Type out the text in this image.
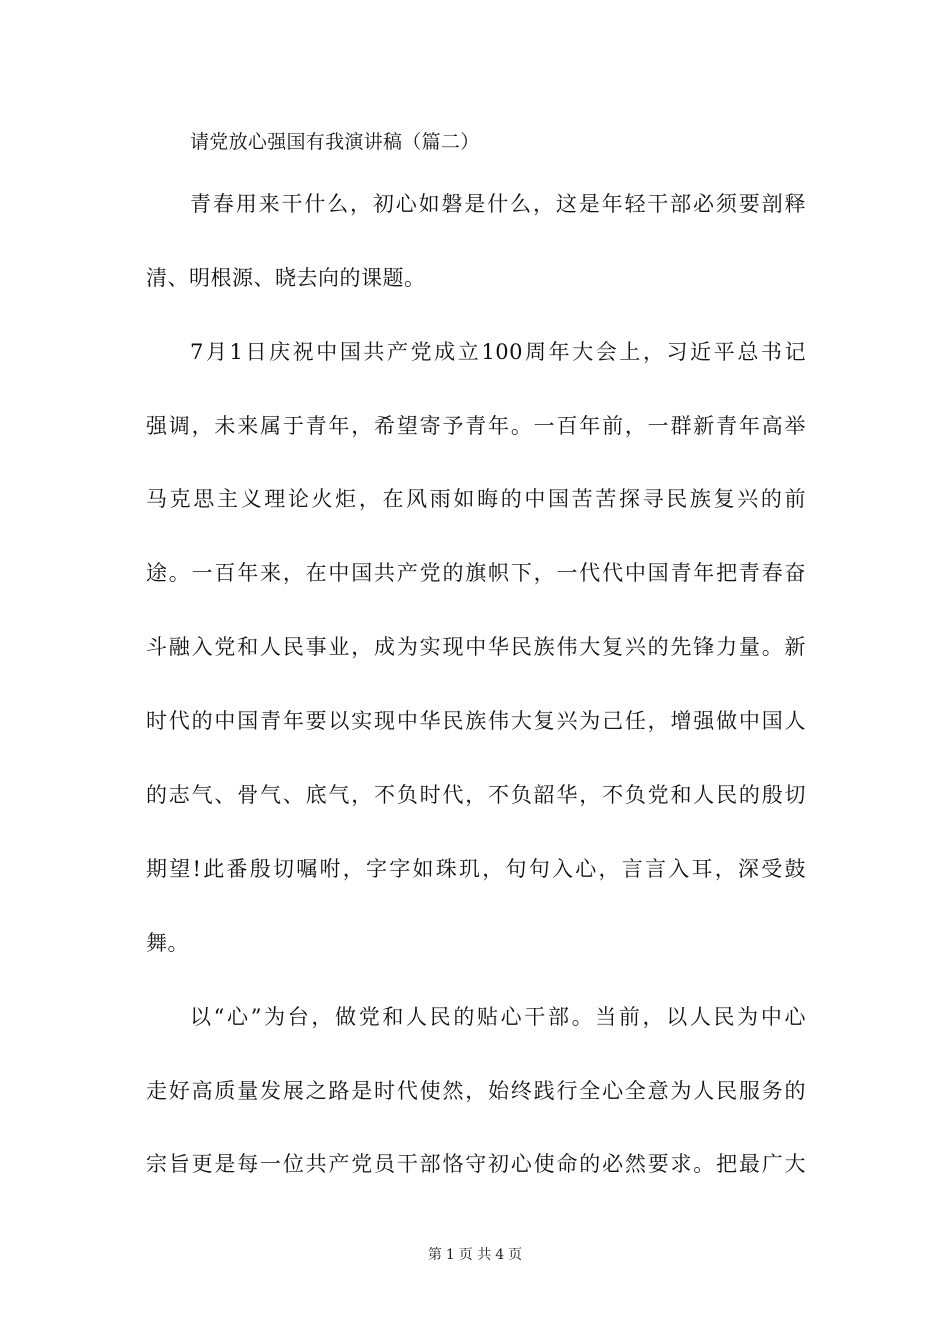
请党放心强国有我演讲稿（篇二）
青春用来干什么，初心如磐是什么，这是年轻干部必须要剖释
清、明根源、晓去向的课题。
7月1日庆祝中国共产党成立100周年大会上，习近平总书记
强调，未来属于青年，希望寄予青年。一百年前，一群新青年高举
马克思主义理论火炬，在风雨如晦的中国苦苦探寻民族复兴的前
途。一百年来，在中国共产党的旗帜下，一代代中国青年把青春奋
斗融入党和人民事业，成为实现中华民族伟大复兴的先锋力量。新
时代的中国青年要以实现中华民族伟大复兴为己任，增强做中国人
的志气、骨气、底气，不负时代，不负韶华，不负党和人民的殷切
期望!此番殷切嘱咐，字字如珠玑，句句入心，言言入耳，深受鼓
舞。
以“心”为台，做党和人民的贴心干部。当前，以人民为中心
走好高质量发展之路是时代使然，始终践行全心全意为人民服务的
宗旨更是每一位共产党员干部恪守初心使命的必然要求。把最广大
第 1 页 共 4 页
